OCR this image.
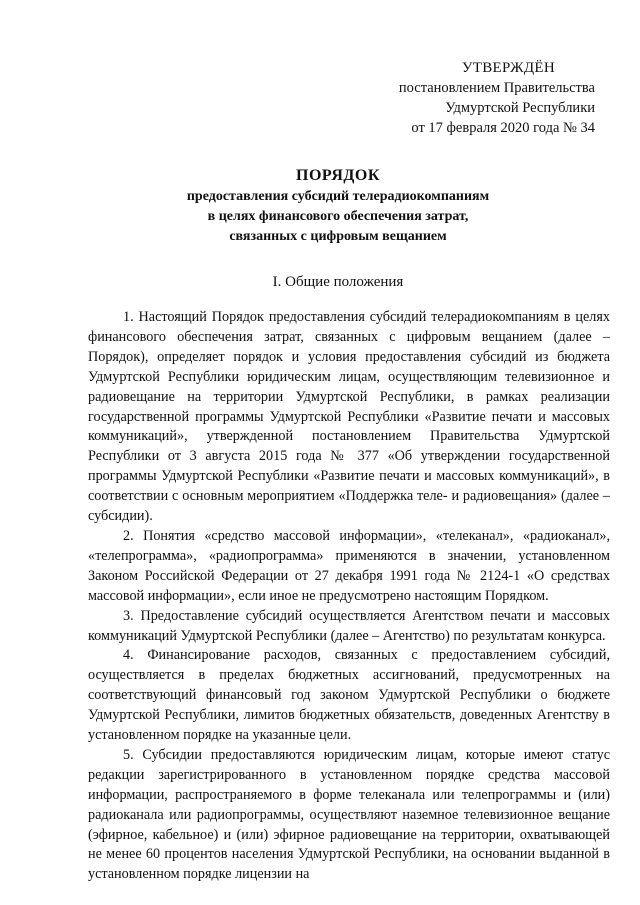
УТВЕРЖДЁН
постановлением Правительства
Удмуртской Республики
от 17 февраля 2020 года № 34
ПОРЯДОК
предоставления субсидий телерадиокомпаниям
в целях финансового обеспечения затрат,
связанных с цифровым вещанием
I. Общие положения

1. Настоящий Порядок предоставления субсидий телерадиокомпаниям в целях финансового обеспечения затрат, связанных с цифровым вещанием (далее – Порядок), определяет порядок и условия предоставления субсидий из бюджета Удмуртской Республики юридическим лицам, осуществляющим телевизионное и радиовещание на территории Удмуртской Республики, в рамках реализации государственной программы Удмуртской Республики «Развитие печати и массовых коммуникаций», утвержденной постановлением Правительства Удмуртской Республики от 3 августа 2015 года № 377 «Об утверждении государственной программы Удмуртской Республики «Развитие печати и массовых коммуникаций», в соответствии с основным мероприятием «Поддержка теле- и радиовещания» (далее – субсидии).

2. Понятия «средство массовой информации», «телеканал», «радиоканал», «телепрограмма», «радиопрограмма» применяются в значении, установленном Законом Российской Федерации от 27 декабря 1991 года № 2124-1 «О средствах массовой информации», если иное не предусмотрено настоящим Порядком.

3. Предоставление субсидий осуществляется Агентством печати и массовых коммуникаций Удмуртской Республики (далее – Агентство) по результатам конкурса.

4. Финансирование расходов, связанных с предоставлением субсидий, осуществляется в пределах бюджетных ассигнований, предусмотренных на соответствующий финансовый год законом Удмуртской Республики о бюджете Удмуртской Республики, лимитов бюджетных обязательств, доведенных Агентству в установленном порядке на указанные цели.

5. Субсидии предоставляются юридическим лицам, которые имеют статус редакции зарегистрированного в установленном порядке средства массовой информации, распространяемого в форме телеканала или телепрограммы и (или) радиоканала или радиопрограммы, осуществляют наземное телевизионное вещание (эфирное, кабельное) и (или) эфирное радиовещание на территории, охватывающей не менее 60 процентов населения Удмуртской Республики, на основании выданной в установленном порядке лицензии на
